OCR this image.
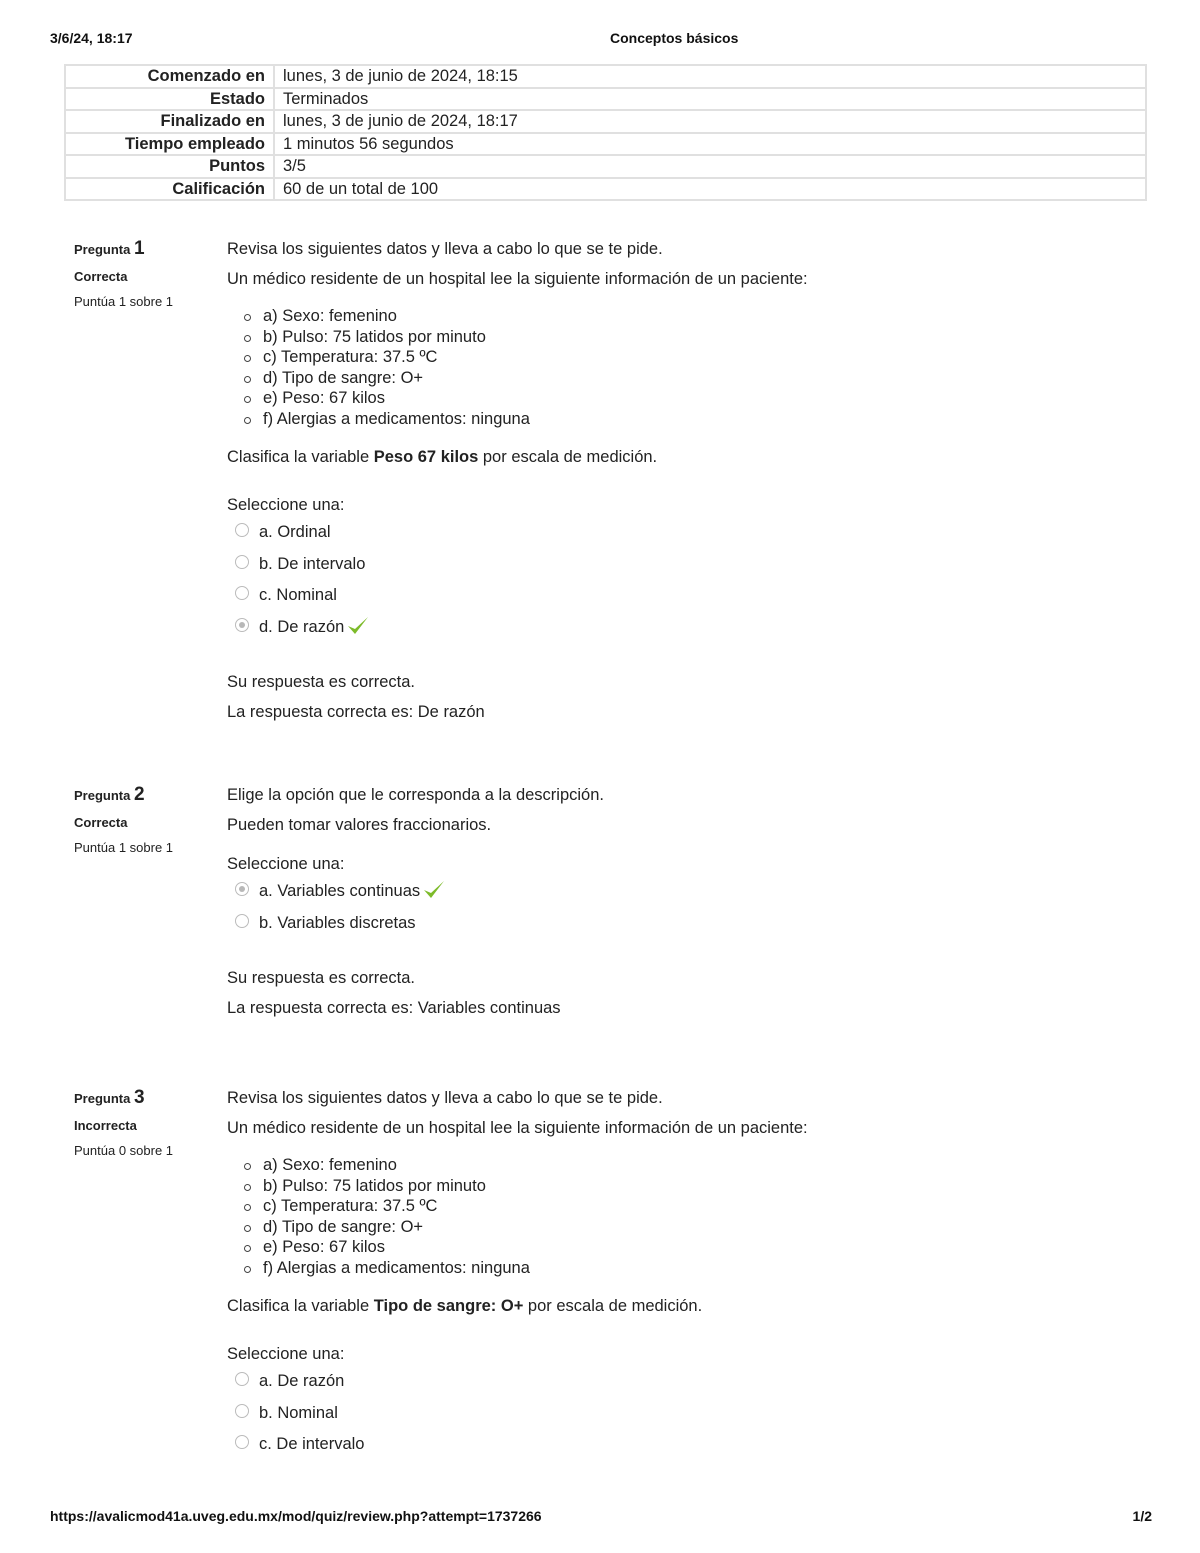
3/6/24, 18:17	Conceptos básicos
Comenzado en	lunes, 3 de junio de 2024, 18:15
Estado	Terminados
Finalizado en	lunes, 3 de junio de 2024, 18:17
Tiempo empleado	1 minutos 56 segundos
Puntos	3/5
Calificación	60 de un total de 100
Pregunta 1
Correcta
Puntúa 1 sobre 1

Revisa los siguientes datos y lleva a cabo lo que se te pide.

Un médico residente de un hospital lee la siguiente información de un paciente:

a) Sexo: femenino
b) Pulso: 75 latidos por minuto
c) Temperatura: 37.5 ºC
d) Tipo de sangre: O+
e) Peso: 67 kilos
f) Alergias a medicamentos: ninguna

Clasifica la variable Peso 67 kilos por escala de medición.

Seleccione una:

a. Ordinal
b. De intervalo
c. Nominal
d. De razón

Su respuesta es correcta.

La respuesta correcta es: De razón

Pregunta 2
Correcta
Puntúa 1 sobre 1

Elige la opción que le corresponda a la descripción.

Pueden tomar valores fraccionarios.

Seleccione una:

a. Variables continuas
b. Variables discretas

Su respuesta es correcta.

La respuesta correcta es: Variables continuas

Pregunta 3
Incorrecta
Puntúa 0 sobre 1

Revisa los siguientes datos y lleva a cabo lo que se te pide.

Un médico residente de un hospital lee la siguiente información de un paciente:

a) Sexo: femenino
b) Pulso: 75 latidos por minuto
c) Temperatura: 37.5 ºC
d) Tipo de sangre: O+
e) Peso: 67 kilos
f) Alergias a medicamentos: ninguna

Clasifica la variable Tipo de sangre: O+ por escala de medición.

Seleccione una:

a. De razón
b. Nominal
c. De intervalo
https://avalicmod41a.uveg.edu.mx/mod/quiz/review.php?attempt=1737266	1/2
